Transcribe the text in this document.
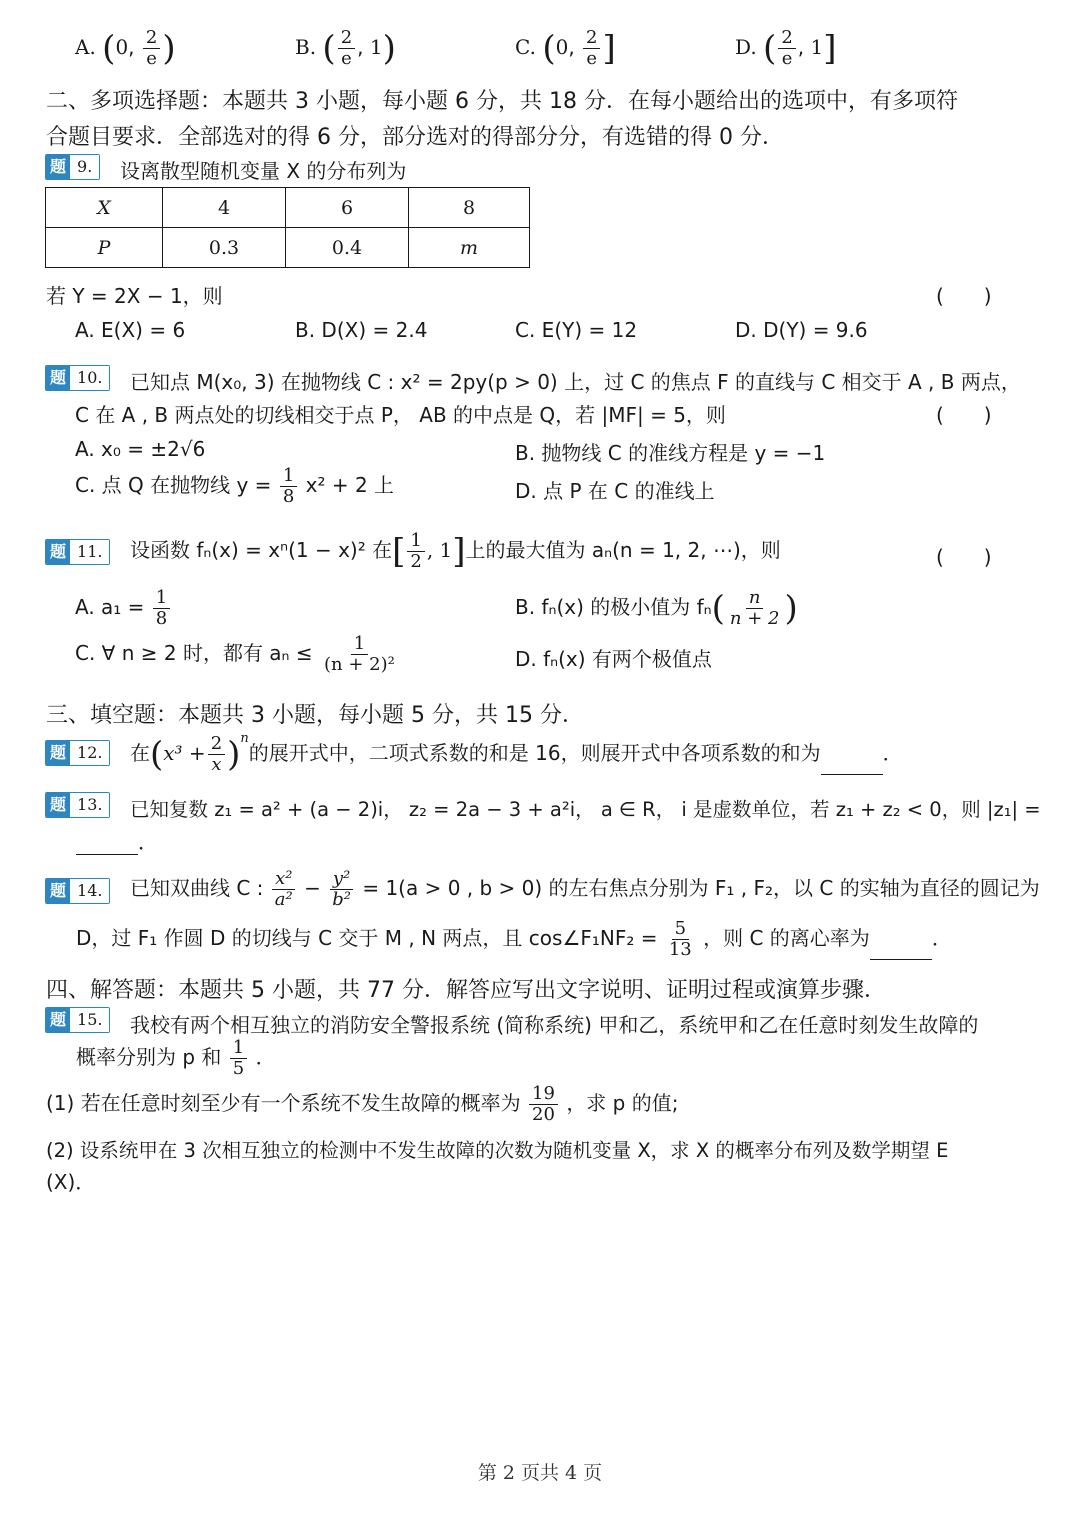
A. (0, $\frac{2}{e}$ )	B. ( $\frac{2}{e}$ , 1)	C. (0, $\frac{2}{e}$ ]	D. ( $\frac{2}{e}$ , 1]
二、多项选择题：本题共 3 小题，每小题 6 分，共 18 分．在每小题给出的选项中，有多项符
合题目要求．全部选对的得 6 分，部分选对的得部分分，有选错的得 0 分．
题 9.	设离散型随机变量 X 的分布列为
X	4	6	8
P	0.3	0.4	m
若 Y = 2X − 1，则	(　　)
A. E(X) = 6	B. D(X) = 2.4	C. E(Y) = 12	D. D(Y) = 9.6
题 10.	已知点 M(x₀, 3) 在抛物线 C : x² = 2py(p > 0) 上，过 C 的焦点 F 的直线与 C 相交于 A , B 两点，
C 在 A , B 两点处的切线相交于点 P， AB 的中点是 Q，若 |MF| = 5，则	(　　)
A. x₀ = ±2√6	B. 抛物线 C 的准线方程是 y = −1
C. 点 Q 在抛物线 $y = \frac{1}{8} x^2 + 2$ 上	D. 点 P 在 C 的准线上
题 11.	设函数 fₙ(x) = xⁿ(1 − x)² 在[ $\frac{1}{2}$ , 1]上的最大值为 aₙ(n = 1, 2, ⋯)，则	(　　)
A. $a_1 = \frac{1}{8}$	B. fₙ(x) 的极小值为 $f_n( \frac{n}{n + 2}$ )
C. ∀ n ≥ 2 时，都有 $a_n \le \frac{1}{\text{(n + 2)²}}$	D. fₙ(x) 有两个极值点
三、填空题：本题共 3 小题，每小题 5 分，共 15 分．
题 12.	在$(x^3 + \frac{2}{x} )^n$的展开式中，二项式系数的和是 16，则展开式中各项系数的和为	．
题 13.	已知复数 z₁ = a² + (a − 2)i， z₂ = 2a − 3 + a²i， a ∈ R， i 是虚数单位，若 z₁ + z₂ < 0，则 |z₁| =
．
题 14.	已知双曲线 C : $\frac{\text{x²}}{\text{a²}} - \frac{\text{y²}}{\text{b²}} = 1(a > 0$ , b > 0) 的左右焦点分别为 F₁ , F₂，以 C 的实轴为直径的圆记为
D，过 F₁ 作圆 D 的切线与 C 交于 M , N 两点，且 cos∠F₁NF₂ = $\frac{5}{13}$ ，则 C 的离心率为	．
四、解答题：本题共 5 小题，共 77 分．解答应写出文字说明、证明过程或演算步骤．
题 15.	我校有两个相互独立的消防安全警报系统 (简称系统) 甲和乙，系统甲和乙在任意时刻发生故障的
概率分别为 p 和 $\frac{1}{5}$ ．
(1) 若在任意时刻至少有一个系统不发生故障的概率为 $\frac{19}{20}$ ，求 p 的值;
(2) 设系统甲在 3 次相互独立的检测中不发生故障的次数为随机变量 X，求 X 的概率分布列及数学期望 E
(X)．
第 2 页共 4 页
